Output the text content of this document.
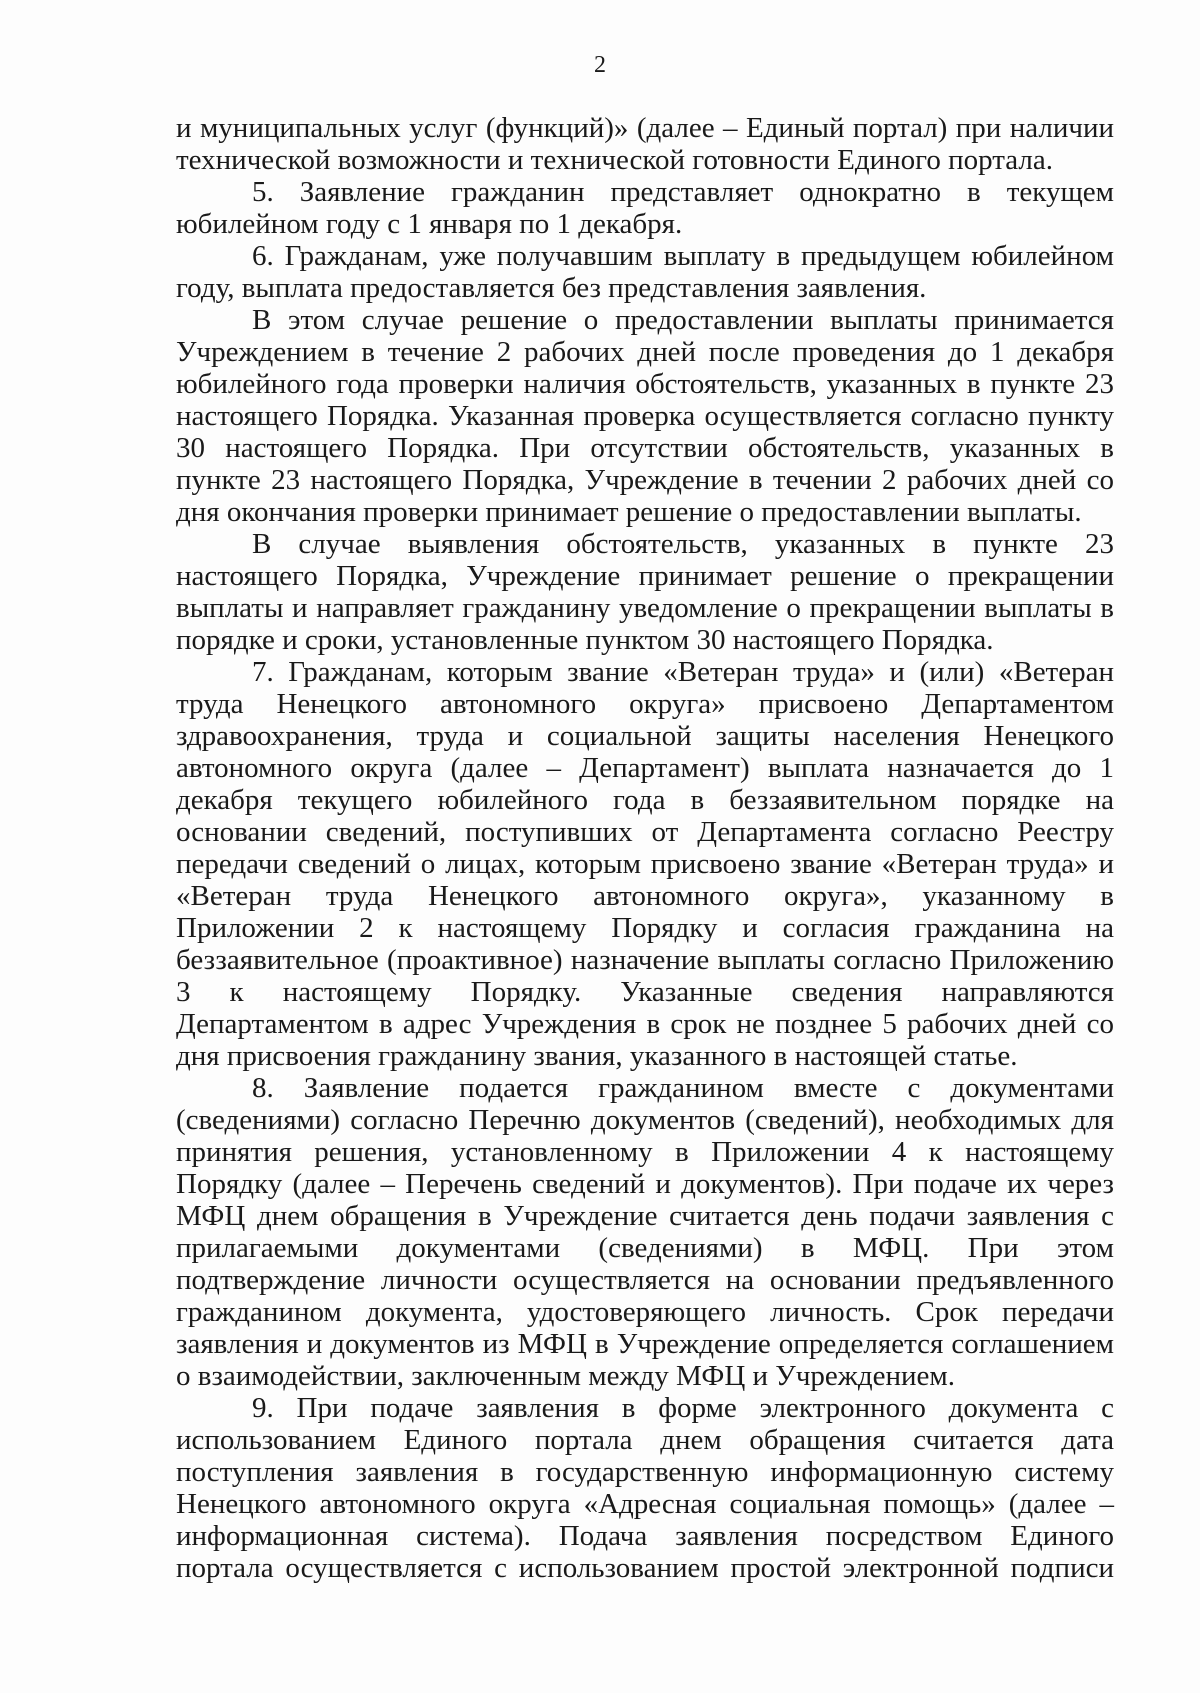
2

и муниципальных услуг (функций)» (далее – Единый портал) при наличии технической возможности и технической готовности Единого портала.

5. Заявление гражданин представляет однократно в текущем юбилейном году с 1 января по 1 декабря.

6. Гражданам, уже получавшим выплату в предыдущем юбилейном году, выплата предоставляется без представления заявления.

В этом случае решение о предоставлении выплаты принимается Учреждением в течение 2 рабочих дней после проведения до 1 декабря юбилейного года проверки наличия обстоятельств, указанных в пункте 23 настоящего Порядка. Указанная проверка осуществляется согласно пункту 30 настоящего Порядка. При отсутствии обстоятельств, указанных в пункте 23 настоящего Порядка, Учреждение в течении 2 рабочих дней со дня окончания проверки принимает решение о предоставлении выплаты.

В случае выявления обстоятельств, указанных в пункте 23 настоящего Порядка, Учреждение принимает решение о прекращении выплаты и направляет гражданину уведомление о прекращении выплаты в порядке и сроки, установленные пунктом 30 настоящего Порядка.

7. Гражданам, которым звание «Ветеран труда» и (или) «Ветеран труда Ненецкого автономного округа» присвоено Департаментом здравоохранения, труда и социальной защиты населения Ненецкого автономного округа (далее – Департамент) выплата назначается до 1 декабря текущего юбилейного года в беззаявительном порядке на основании сведений, поступивших от Департамента согласно Реестру передачи сведений о лицах, которым присвоено звание «Ветеран труда» и «Ветеран труда Ненецкого автономного округа», указанному в Приложении 2 к настоящему Порядку и согласия гражданина на беззаявительное (проактивное) назначение выплаты согласно Приложению 3 к настоящему Порядку. Указанные сведения направляются Департаментом в адрес Учреждения в срок не позднее 5 рабочих дней со дня присвоения гражданину звания, указанного в настоящей статье.

8. Заявление подается гражданином вместе с документами (сведениями) согласно Перечню документов (сведений), необходимых для принятия решения, установленному в Приложении 4 к настоящему Порядку (далее – Перечень сведений и документов). При подаче их через МФЦ днем обращения в Учреждение считается день подачи заявления с прилагаемыми документами (сведениями) в МФЦ. При этом подтверждение личности осуществляется на основании предъявленного гражданином документа, удостоверяющего личность. Срок передачи заявления и документов из МФЦ в Учреждение определяется соглашением о взаимодействии, заключенным между МФЦ и Учреждением.

9. При подаче заявления в форме электронного документа с использованием Единого портала днем обращения считается дата поступления заявления в государственную информационную систему Ненецкого автономного округа «Адресная социальная помощь» (далее – информационная система). Подача заявления посредством Единого портала осуществляется с использованием простой электронной подписи
